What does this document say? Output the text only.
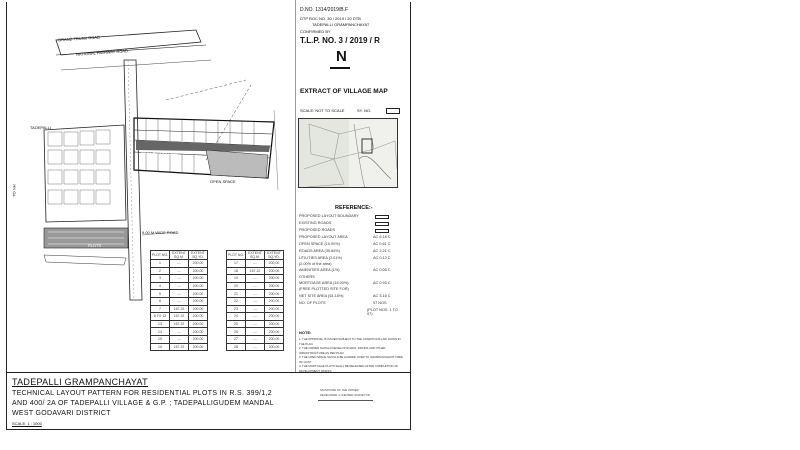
D.NO. 1314/2019/B.F
DTP ROC NO. 30 / 2019 / 20 DTB
TADEPALLI GRAMPANCHAYAT
CONFIRMED BY
T.L.P. NO. 3 / 2019 / R
N
EXTRACT OF VILLAGE MAP
SCALE: NOT TO SCALE	SY. NO.
REFERENCE:-
PROPOSED LAYOUT BOUNDARY
EXISTING ROADS
PROPOSED ROADS
PROPOSED LAYOUT AREA	AC 6.18 C
OPEN SPACE (10.00%)	AC 0.61 C
ROADS AREA (35.84%)	AC 2.21 C
UTILITIES AREA (2.01%)	AC 0.12 C
(2.00% of the area)
AMENITIES AREA (1%)	AC 0.06 C
OTHERS
MORTGAGE AREA (15.00%)	AC 0.93 C
(FREE PLOTTED SITE FOR)
NET SITE AREA (51.15%)	AC 3.16 C
NO. OF PLOTS	97 NOS
(PLOT NOS. 1 TO 97)
NOTE:
1. THE APPROVAL IS ISSUED SUBJECT TO THE CONDITIONS LAID DOWN IN THE PLAN
2. THE OWNER SHOULD DEVELOP ROADS, DRAINS AND OTHER INFRASTRUCTURE AS PER PLAN
3. THE OPEN SPACE SHOULD BE HANDED OVER TO GRAMPANCHAYAT FREE OF COST
4. THE MORTGAGE PLOTS SHALL BE RELEASED AFTER COMPLETION OF DEVELOPMENT WORKS
NATIONAL HIGHWAY ROAD
GRAND TRUNK ROAD
TADEPALLI VILLAGE
TADEPALLI
TO NH
PLOTS
9.00 M WIDE ROAD
OPEN SPACE
PLOT NO.	EXTENT SQ.M.	EXTENT SQ.YD.
1	---	200.00
2	---	200.00
3	---	200.00
4	---	200.00
5	---	200.00
6	---	200.00
7	167.22	200.00
8 TO 12	167.22	200.00
13	167.22	200.00
14	---	200.00
15	---	200.00
16	167.22	200.00
PLOT NO.	EXTENT SQ.M.	EXTENT SQ.YD.
17	---	200.00
18	167.22	200.00
19	---	200.00
20	---	200.00
21	---	200.00
22	---	200.00
23	---	200.00
24	---	200.00
25	---	200.00
26	---	200.00
27	---	200.00
28	---	200.00
TADEPALLI GRAMPANCHAYAT
TECHNICAL LAYOUT PATTERN FOR RESIDENTIAL PLOTS IN R.S. 399/1,2
AND 400/ 2A OF TADEPALLI VILLAGE & G.P. ; TADEPALLIGUDEM MANDAL
WEST GODAVARI DISTRICT
SCALE: 1 : 1000
SIGNATURE OF THE OWNER
DEVELOPER / LICENSED SURVEYOR
